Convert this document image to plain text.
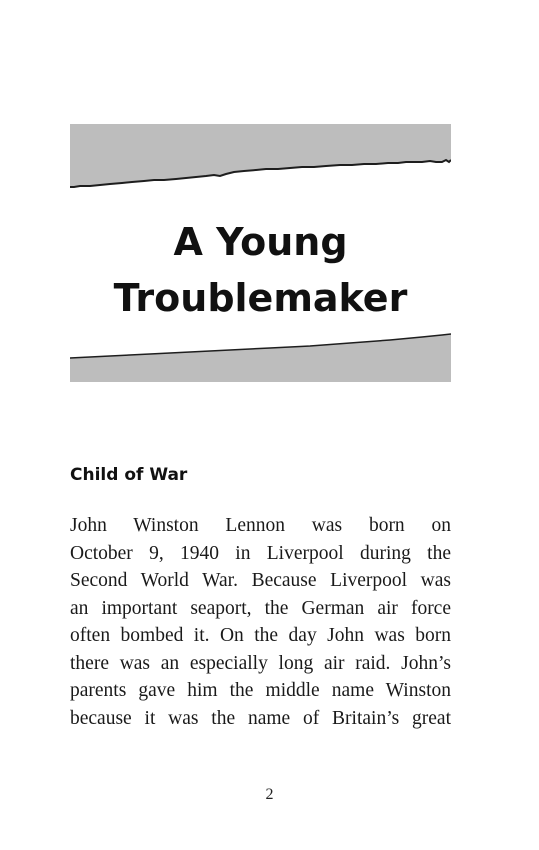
A Young
Troublemaker
Child of War

John Winston Lennon was born on
October 9, 1940 in Liverpool during the
Second World War. Because Liverpool was
an important seaport, the German air force
often bombed it. On the day John was born
there was an especially long air raid. John’s
parents gave him the middle name Winston
because it was the name of Britain’s great

2
